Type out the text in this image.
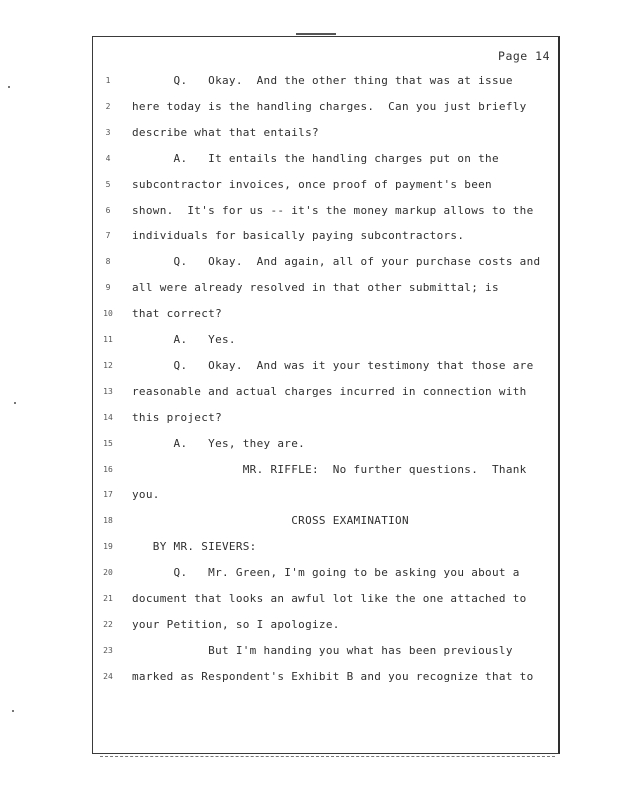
Page 14
1	Q.   Okay.  And the other thing that was at issue
2	here today is the handling charges.  Can you just briefly
3	describe what that entails?
4	A.   It entails the handling charges put on the
5	subcontractor invoices, once proof of payment's been
6	shown.  It's for us -- it's the money markup allows to the
7	individuals for basically paying subcontractors.
8	Q.   Okay.  And again, all of your purchase costs and
9	all were already resolved in that other submittal; is
10	that correct?
11	A.   Yes.
12	Q.   Okay.  And was it your testimony that those are
13	reasonable and actual charges incurred in connection with
14	this project?
15	A.   Yes, they are.
16	MR. RIFFLE:  No further questions.  Thank
17	you.
18	CROSS EXAMINATION
19	BY MR. SIEVERS:
20	Q.   Mr. Green, I'm going to be asking you about a
21	document that looks an awful lot like the one attached to
22	your Petition, so I apologize.
23	But I'm handing you what has been previously
24	marked as Respondent's Exhibit B and you recognize that to
